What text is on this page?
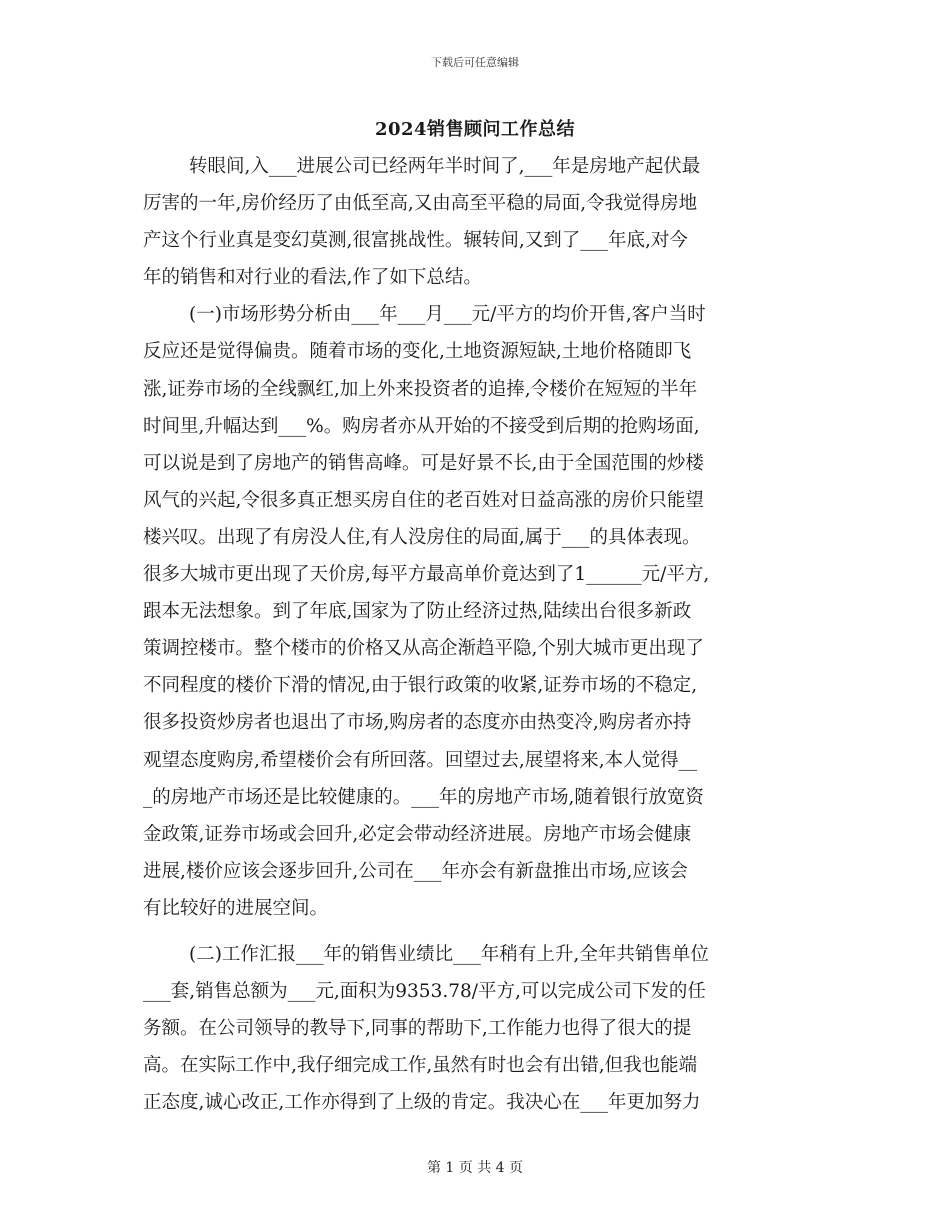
下载后可任意编辑
2024销售顾问工作总结
转眼间,入___进展公司已经两年半时间了,___年是房地产起伏最
厉害的一年,房价经历了由低至高,又由高至平稳的局面,令我觉得房地
产这个行业真是变幻莫测,很富挑战性。辗转间,又到了___年底,对今
年的销售和对行业的看法,作了如下总结。
(一)市场形势分析由___年___月___元/平方的均价开售,客户当时
反应还是觉得偏贵。随着市场的变化,土地资源短缺,土地价格随即飞
涨,证券市场的全线飘红,加上外来投资者的追捧,令楼价在短短的半年
时间里,升幅达到___%。购房者亦从开始的不接受到后期的抢购场面,
可以说是到了房地产的销售高峰。可是好景不长,由于全国范围的炒楼
风气的兴起,令很多真正想买房自住的老百姓对日益高涨的房价只能望
楼兴叹。出现了有房没人住,有人没房住的局面,属于___的具体表现。
很多大城市更出现了天价房,每平方最高单价竟达到了1______元/平方,
跟本无法想象。到了年底,国家为了防止经济过热,陆续出台很多新政
策调控楼市。整个楼市的价格又从高企渐趋平隐,个别大城市更出现了
不同程度的楼价下滑的情况,由于银行政策的收紧,证券市场的不稳定,
很多投资炒房者也退出了市场,购房者的态度亦由热变冷,购房者亦持
观望态度购房,希望楼价会有所回落。回望过去,展望将来,本人觉得__
_的房地产市场还是比较健康的。___年的房地产市场,随着银行放宽资
金政策,证券市场或会回升,必定会带动经济进展。房地产市场会健康
进展,楼价应该会逐步回升,公司在___年亦会有新盘推出市场,应该会
有比较好的进展空间。
(二)工作汇报___年的销售业绩比___年稍有上升,全年共销售单位
___套,销售总额为___元,面积为9353.78/平方,可以完成公司下发的任
务额。在公司领导的教导下,同事的帮助下,工作能力也得了很大的提
高。在实际工作中,我仔细完成工作,虽然有时也会有出错,但我也能端
正态度,诚心改正,工作亦得到了上级的肯定。我决心在___年更加努力
第 1 页 共 4 页
